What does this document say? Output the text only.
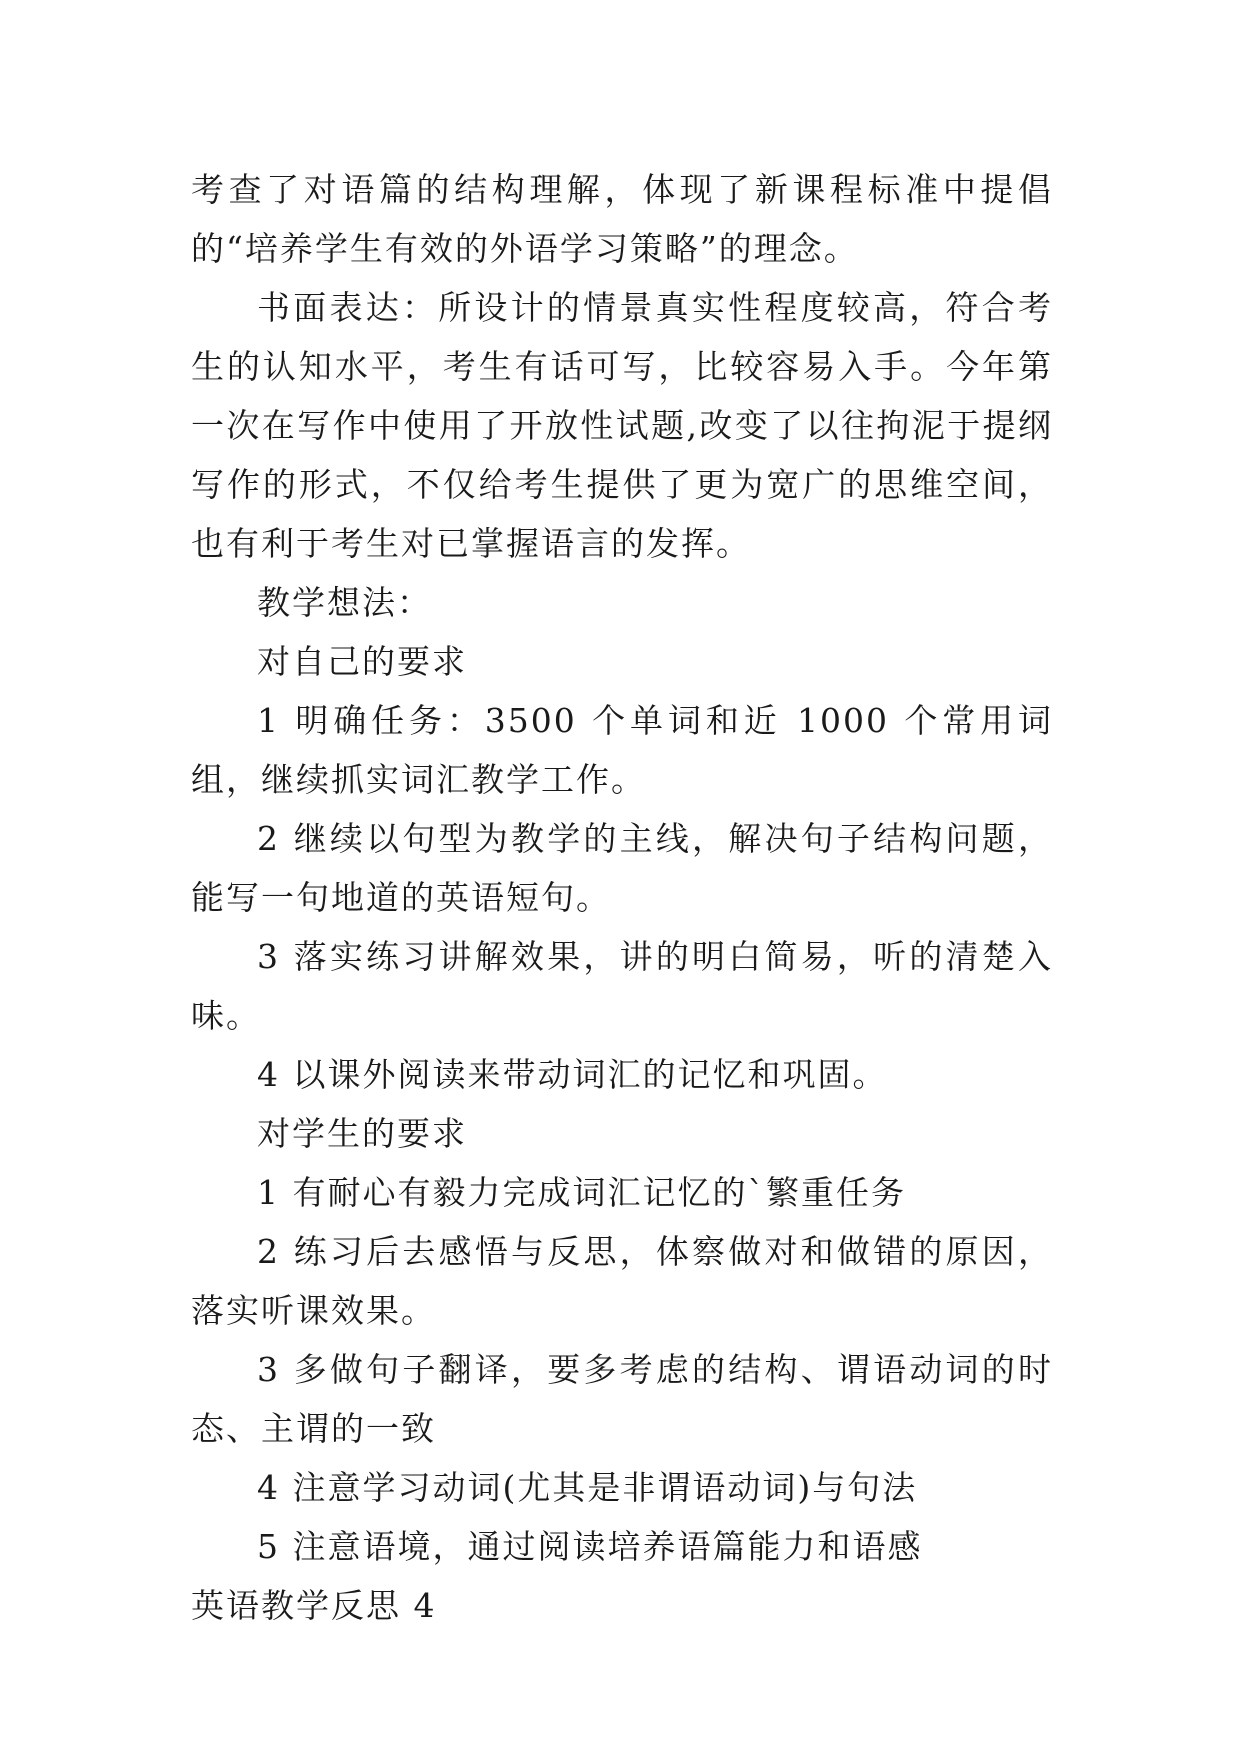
考查了对语篇的结构理解，体现了新课程标准中提倡的“培养学生有效的外语学习策略”的理念。

书面表达：所设计的情景真实性程度较高，符合考生的认知水平，考生有话可写，比较容易入手。今年第一次在写作中使用了开放性试题,改变了以往拘泥于提纲写作的形式，不仅给考生提供了更为宽广的思维空间，也有利于考生对已掌握语言的发挥。

教学想法：

对自己的要求

1 明确任务：3500 个单词和近 1000 个常用词组，继续抓实词汇教学工作。

2 继续以句型为教学的主线，解决句子结构问题，能写一句地道的英语短句。

3 落实练习讲解效果，讲的明白简易，听的清楚入味。

4 以课外阅读来带动词汇的记忆和巩固。

对学生的要求

1 有耐心有毅力完成词汇记忆的`繁重任务

2 练习后去感悟与反思，体察做对和做错的原因，落实听课效果。

3 多做句子翻译，要多考虑的结构、谓语动词的时态、主谓的一致

4 注意学习动词(尤其是非谓语动词)与句法

5 注意语境，通过阅读培养语篇能力和语感

英语教学反思 4
